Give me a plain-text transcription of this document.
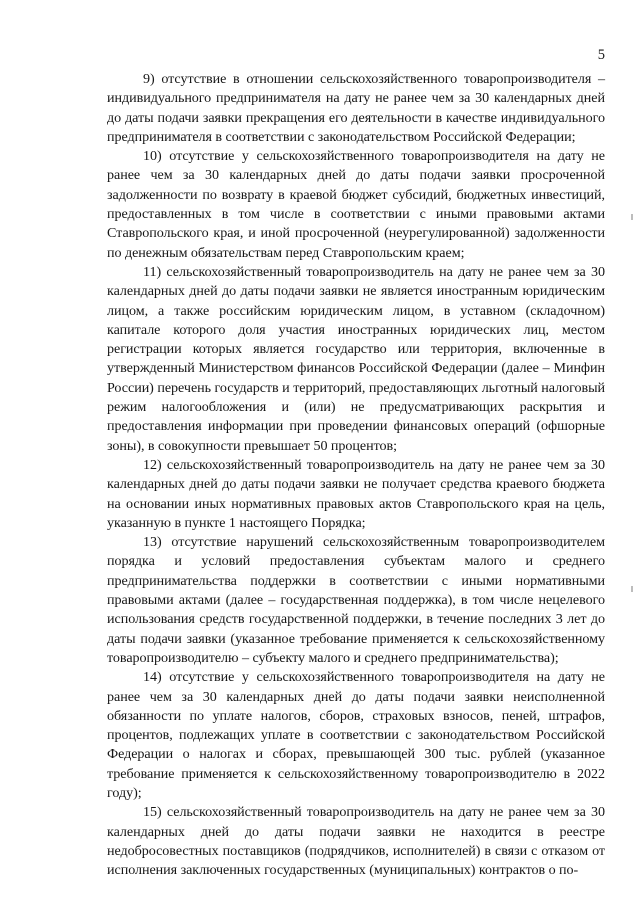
5

9) отсутствие в отношении сельскохозяйственного товаропроизводителя – индивидуального предпринимателя на дату не ранее чем за 30 календарных дней до даты подачи заявки прекращения его деятельности в качестве индивидуального предпринимателя в соответствии с законодательством Российской Федерации;

10) отсутствие у сельскохозяйственного товаропроизводителя на дату не ранее чем за 30 календарных дней до даты подачи заявки просроченной задолженности по возврату в краевой бюджет субсидий, бюджетных инвестиций, предоставленных в том числе в соответствии с иными правовыми актами Ставропольского края, и иной просроченной (неурегулированной) задолженности по денежным обязательствам перед Ставропольским краем;

11) сельскохозяйственный товаропроизводитель на дату не ранее чем за 30 календарных дней до даты подачи заявки не является иностранным юридическим лицом, а также российским юридическим лицом, в уставном (складочном) капитале которого доля участия иностранных юридических лиц, местом регистрации которых является государство или территория, включенные в утвержденный Министерством финансов Российской Федерации (далее – Минфин России) перечень государств и территорий, предоставляющих льготный налоговый режим налогообложения и (или) не предусматривающих раскрытия и предоставления информации при проведении финансовых операций (офшорные зоны), в совокупности превышает 50 процентов;

12) сельскохозяйственный товаропроизводитель на дату не ранее чем за 30 календарных дней до даты подачи заявки не получает средства краевого бюджета на основании иных нормативных правовых актов Ставропольского края на цель, указанную в пункте 1 настоящего Порядка;

13) отсутствие нарушений сельскохозяйственным товаропроизводителем порядка и условий предоставления субъектам малого и среднего предпринимательства поддержки в соответствии с иными нормативными правовыми актами (далее – государственная поддержка), в том числе нецелевого использования средств государственной поддержки, в течение последних 3 лет до даты подачи заявки (указанное требование применяется к сельскохозяйственному товаропроизводителю – субъекту малого и среднего предпринимательства);

14) отсутствие у сельскохозяйственного товаропроизводителя на дату не ранее чем за 30 календарных дней до даты подачи заявки неисполненной обязанности по уплате налогов, сборов, страховых взносов, пеней, штрафов, процентов, подлежащих уплате в соответствии с законодательством Российской Федерации о налогах и сборах, превышающей 300 тыс. рублей (указанное требование применяется к сельскохозяйственному товаропроизводителю в 2022 году);

15) сельскохозяйственный товаропроизводитель на дату не ранее чем за 30 календарных дней до даты подачи заявки не находится в реестре недобросовестных поставщиков (подрядчиков, исполнителей) в связи с отказом от исполнения заключенных государственных (муниципальных) контрактов о по-
